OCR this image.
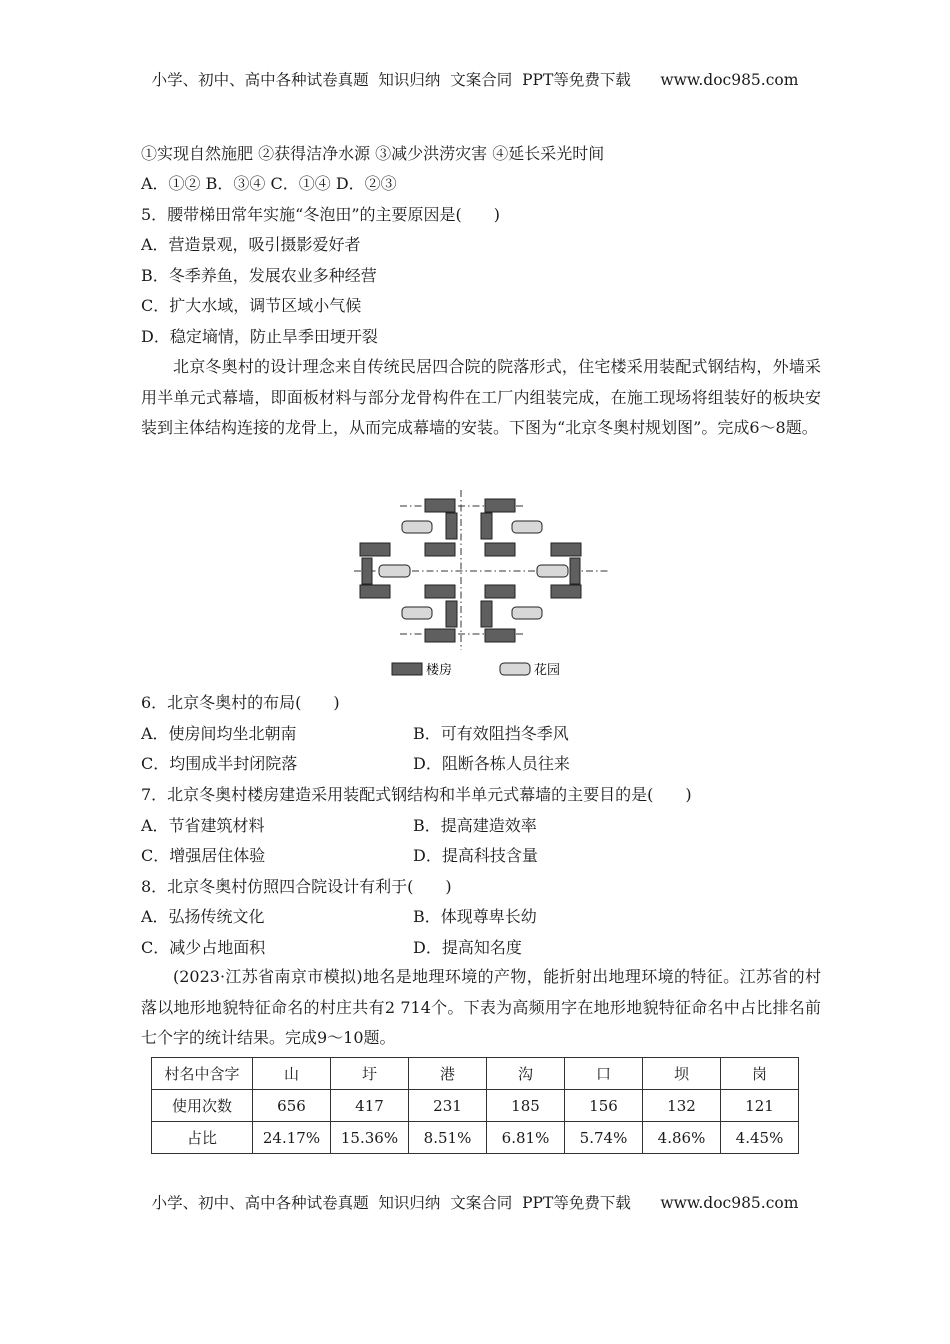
小学、初中、高中各种试卷真题  知识归纳  文案合同  PPT等免费下载      www.doc985.com
①实现自然施肥 ②获得洁净水源 ③减少洪涝灾害 ④延长采光时间
A．①② B．③④ C．①④ D．②③
5．腰带梯田常年实施“冬泡田”的主要原因是(　　)
A．营造景观，吸引摄影爱好者
B．冬季养鱼，发展农业多种经营
C．扩大水域，调节区域小气候
D．稳定墒情，防止旱季田埂开裂

北京冬奥村的设计理念来自传统民居四合院的院落形式，住宅楼采用装配式钢结构，外墙采用半单元式幕墙，即面板材料与部分龙骨构件在工厂内组装完成，在施工现场将组装好的板块安装到主体结构连接的龙骨上，从而完成幕墙的安装。下图为“北京冬奥村规划图”。完成6～8题。

楼房	花园
6．北京冬奥村的布局(　　)
A．使房间均坐北朝南	B．可有效阻挡冬季风
C．均围成半封闭院落	D．阻断各栋人员往来
7．北京冬奥村楼房建造采用装配式钢结构和半单元式幕墙的主要目的是(　　)
A．节省建筑材料	B．提高建造效率
C．增强居住体验	D．提高科技含量
8．北京冬奥村仿照四合院设计有利于(　　)
A．弘扬传统文化	B．体现尊卑长幼
C．减少占地面积	D．提高知名度

(2023·江苏省南京市模拟)地名是地理环境的产物，能折射出地理环境的特征。江苏省的村落以地形地貌特征命名的村庄共有2 714个。下表为高频用字在地形地貌特征命名中占比排名前七个字的统计结果。完成9～10题。

村名中含字	山	圩	港	沟	口	坝	岗
使用次数	656	417	231	185	156	132	121
占比	24.17%	15.36%	8.51%	6.81%	5.74%	4.86%	4.45%
小学、初中、高中各种试卷真题  知识归纳  文案合同  PPT等免费下载      www.doc985.com
